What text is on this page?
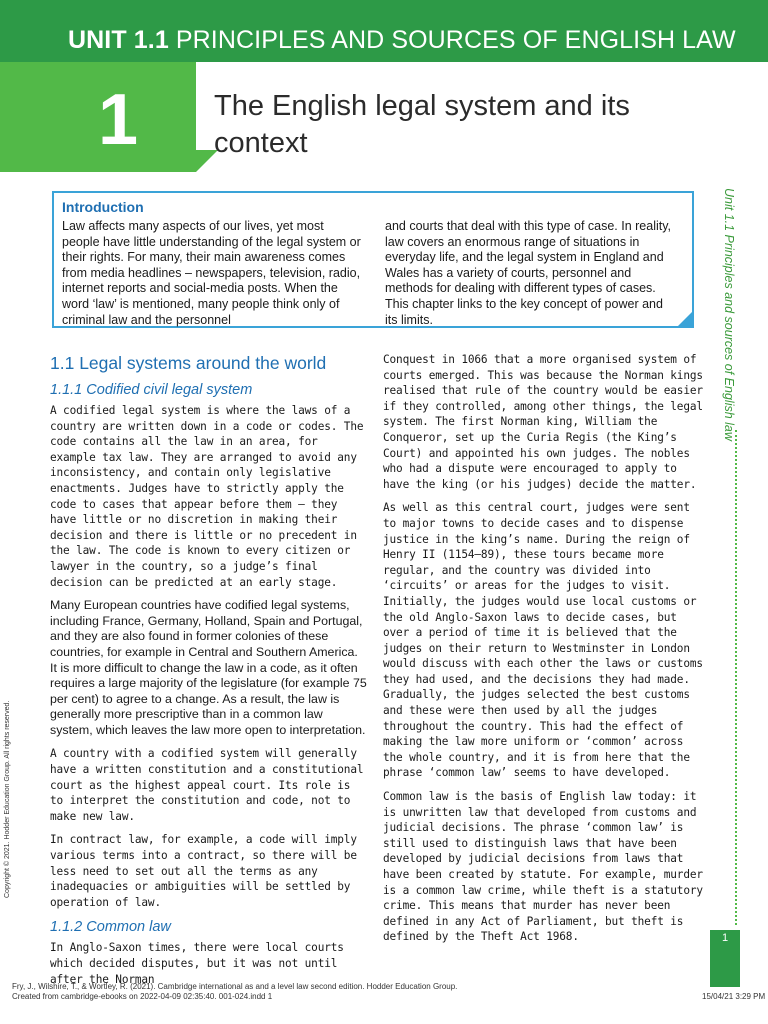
UNIT 1.1 PRINCIPLES AND SOURCES OF ENGLISH LAW
1	The English legal system and its context
Unit 1.1 Principles and sources of English law
Introduction
Law affects many aspects of our lives, yet most people have little understanding of the legal system or their rights. For many, their main awareness comes from media headlines – newspapers, television, radio, internet reports and social-media posts. When the word ‘law’ is mentioned, many people think only of criminal law and the personnel
and courts that deal with this type of case. In reality, law covers an enormous range of situations in everyday life, and the legal system in England and Wales has a variety of courts, personnel and methods for dealing with different types of cases. This chapter links to the key concept of power and its limits.
1.1 Legal systems around the world
1.1.1 Codified civil legal system

A codified legal system is where the laws of a country are written down in a code or codes. The code contains all the law in an area, for example tax law. They are arranged to avoid any inconsistency, and contain only legislative enactments. Judges have to strictly apply the code to cases that appear before them – they have little or no discretion in making their decision and there is little or no precedent in the law. The code is known to every citizen or lawyer in the country, so a judge’s final decision can be predicted at an early stage.

Many European countries have codified legal systems, including France, Germany, Holland, Spain and Portugal, and they are also found in former colonies of these countries, for example in Central and Southern America. It is more difficult to change the law in a code, as it often requires a large majority of the legislature (for example 75 per cent) to agree to a change. As a result, the law is generally more prescriptive than in a common law system, which leaves the law more open to interpretation.

A country with a codified system will generally have a written constitution and a constitutional court as the highest appeal court. Its role is to interpret the constitution and code, not to make new law.

In contract law, for example, a code will imply various terms into a contract, so there will be less need to set out all the terms as any inadequacies or ambiguities will be settled by operation of law.

1.1.2 Common law

In Anglo-Saxon times, there were local courts which decided disputes, but it was not until after the Norman

Conquest in 1066 that a more organised system of courts emerged. This was because the Norman kings realised that rule of the country would be easier if they controlled, among other things, the legal system. The first Norman king, William the Conqueror, set up the Curia Regis (the King’s Court) and appointed his own judges. The nobles who had a dispute were encouraged to apply to have the king (or his judges) decide the matter.

As well as this central court, judges were sent to major towns to decide cases and to dispense justice in the king’s name. During the reign of Henry II (1154–89), these tours became more regular, and the country was divided into ‘circuits’ or areas for the judges to visit. Initially, the judges would use local customs or the old Anglo-Saxon laws to decide cases, but over a period of time it is believed that the judges on their return to Westminster in London would discuss with each other the laws or customs they had used, and the decisions they had made. Gradually, the judges selected the best customs and these were then used by all the judges throughout the country. This had the effect of making the law more uniform or ‘common’ across the whole country, and it is from here that the phrase ‘common law’ seems to have developed.

Common law is the basis of English law today: it is unwritten law that developed from customs and judicial decisions. The phrase ‘common law’ is still used to distinguish laws that have been developed by judicial decisions from laws that have been created by statute. For example, murder is a common law crime, while theft is a statutory crime. This means that murder has never been defined in any Act of Parliament, but theft is defined by the Theft Act 1968.

Copyright © 2021. Hodder Education Group. All rights reserved.
1
Fry, J., Wilshire, T., & Wortley, R. (2021). Cambridge international as and a level law second edition. Hodder Education Group.
Created from cambridge-ebooks on 2022-04-09 02:35:40. 001-024.indd 1	15/04/21 3:29 PM
